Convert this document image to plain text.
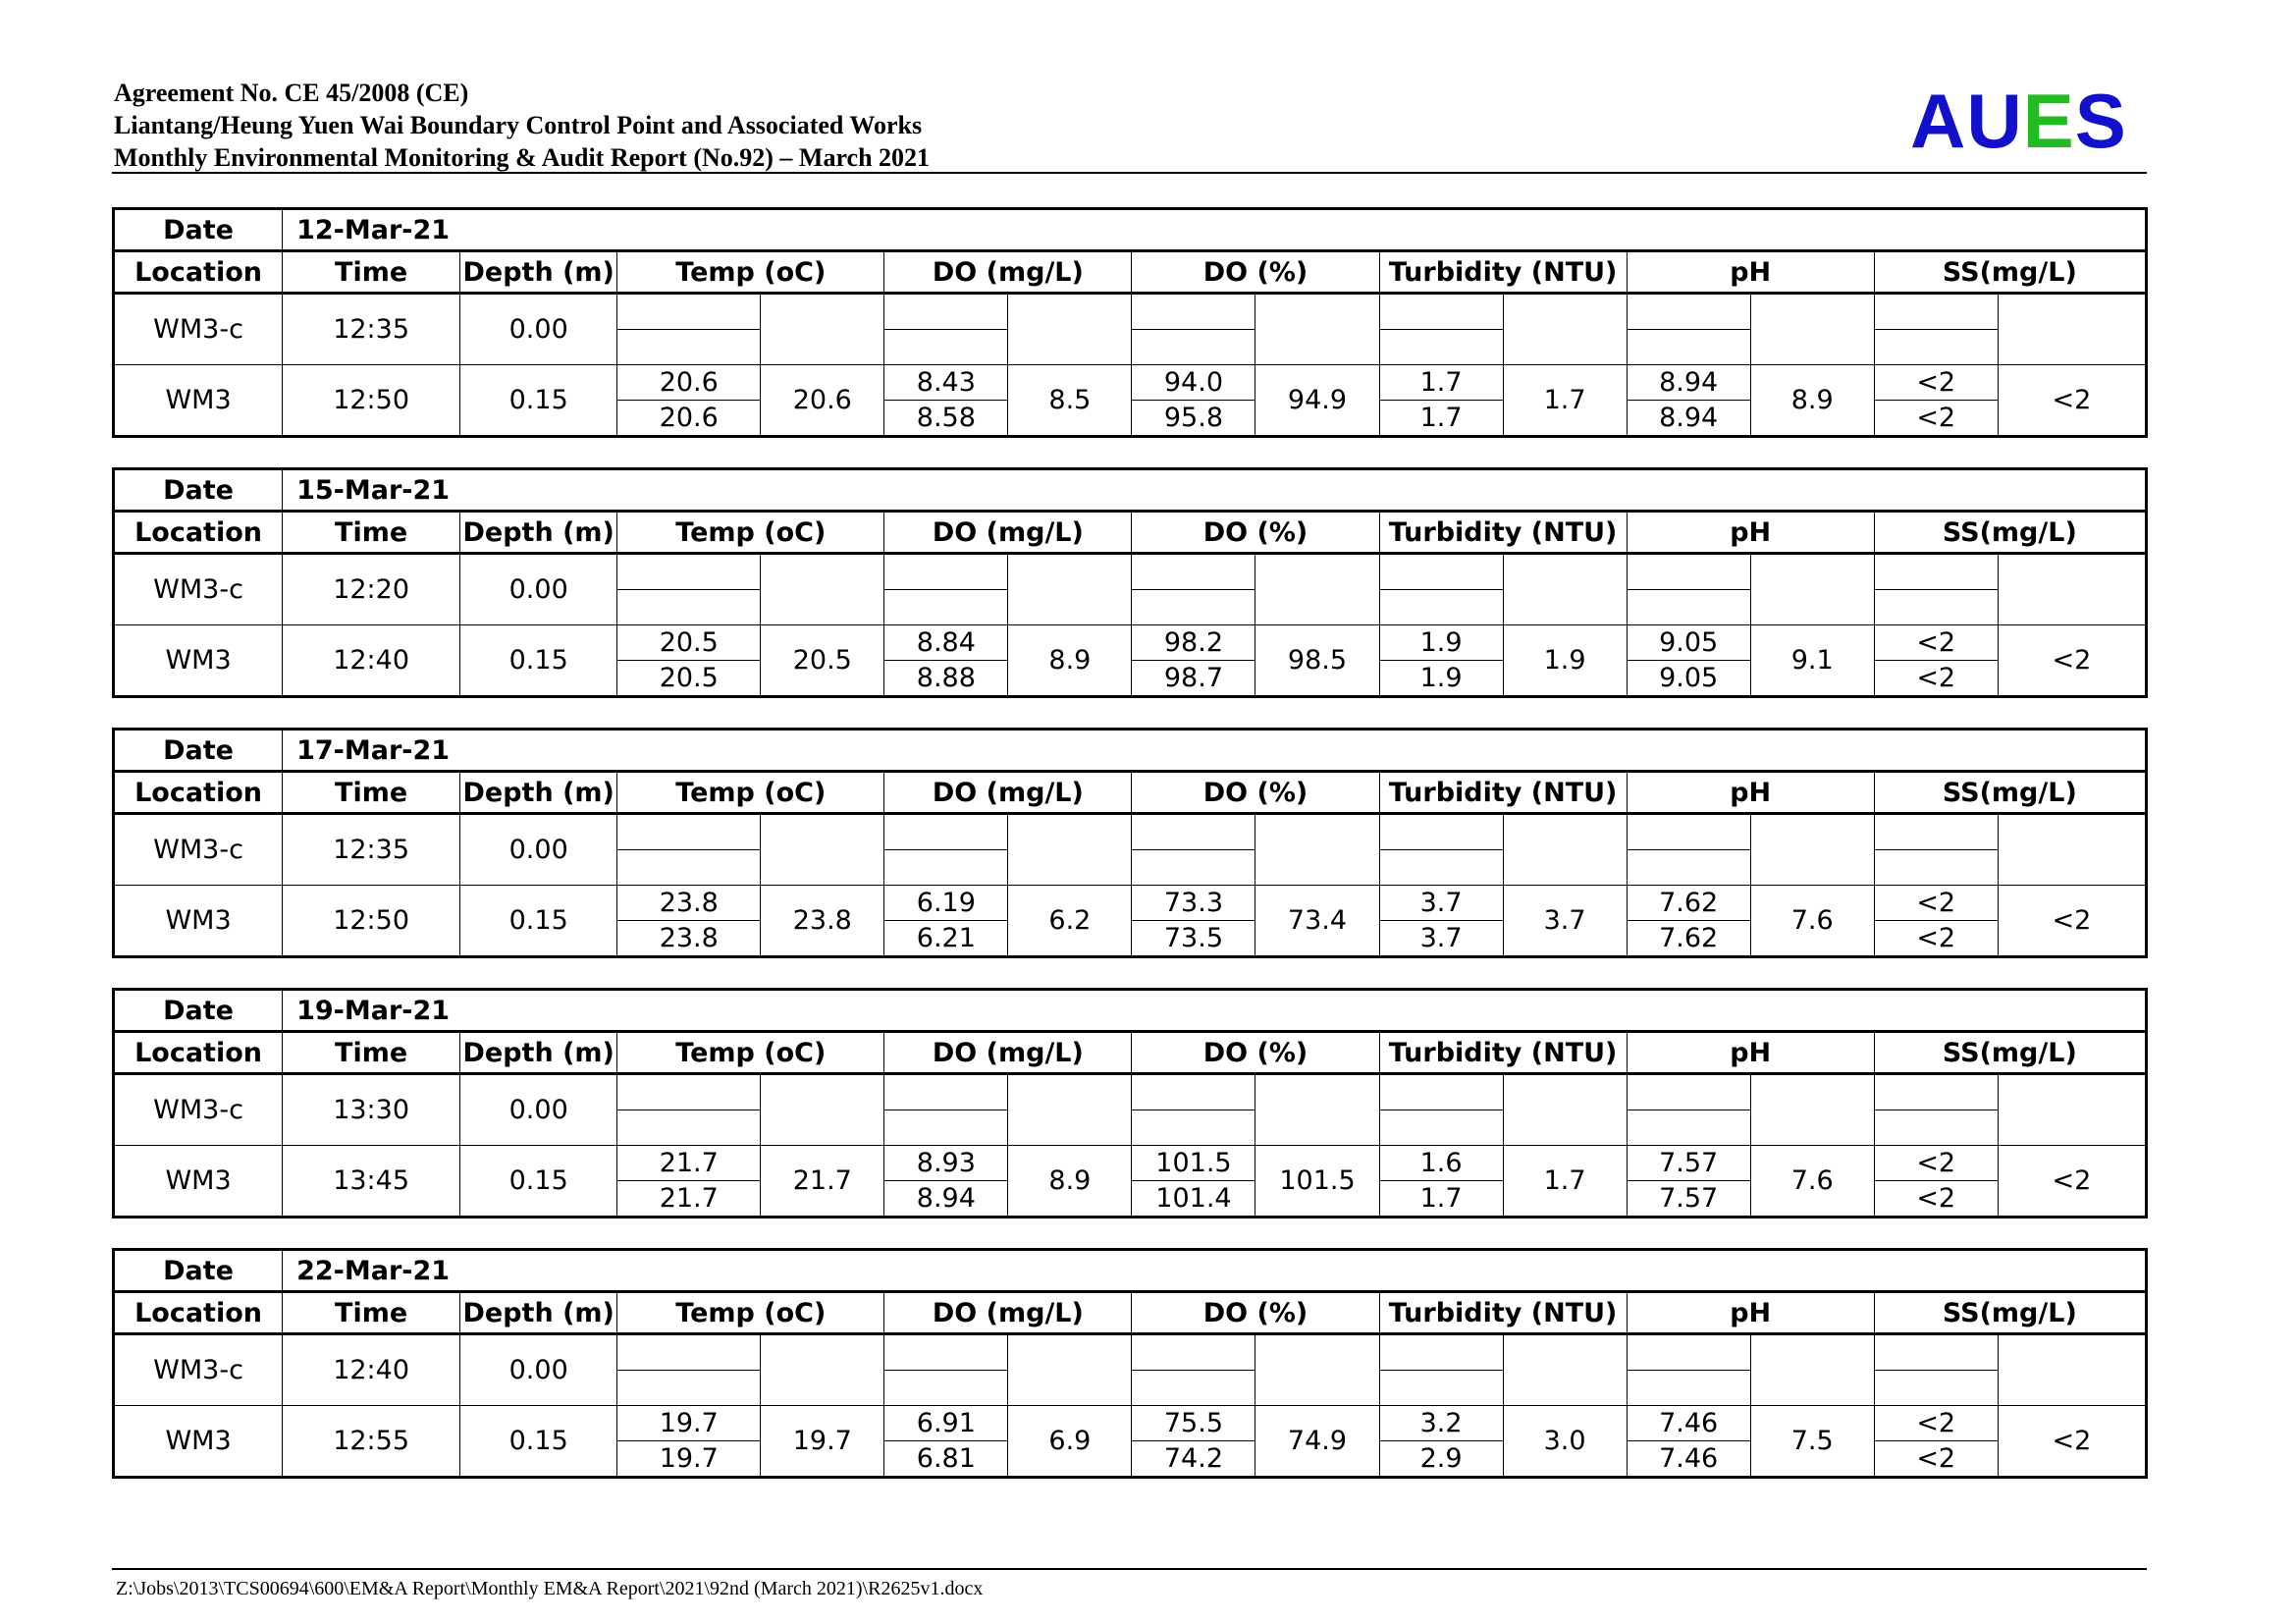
Agreement No. CE 45/2008 (CE)
Liantang/Heung Yuen Wai Boundary Control Point and Associated Works
Monthly Environmental Monitoring & Audit Report (No.92) – March 2021	AUES
Date	12-Mar-21													
Location	Time	Depth (m)	Temp (oC)		DO (mg/L)		DO (%)		Turbidity (NTU)		pH		SS(mg/L)	
WM3-c	12:35	0.00												

WM3	12:50	0.15	20.6	20.6	8.43	8.5	94.0	94.9	1.7	1.7	8.94	8.9	<2	<2
			20.6		8.58		95.8		1.7		8.94		<2	
Date	15-Mar-21													
Location	Time	Depth (m)	Temp (oC)		DO (mg/L)		DO (%)		Turbidity (NTU)		pH		SS(mg/L)	
WM3-c	12:20	0.00												

WM3	12:40	0.15	20.5	20.5	8.84	8.9	98.2	98.5	1.9	1.9	9.05	9.1	<2	<2
			20.5		8.88		98.7		1.9		9.05		<2	
Date	17-Mar-21													
Location	Time	Depth (m)	Temp (oC)		DO (mg/L)		DO (%)		Turbidity (NTU)		pH		SS(mg/L)	
WM3-c	12:35	0.00												

WM3	12:50	0.15	23.8	23.8	6.19	6.2	73.3	73.4	3.7	3.7	7.62	7.6	<2	<2
			23.8		6.21		73.5		3.7		7.62		<2	
Date	19-Mar-21													
Location	Time	Depth (m)	Temp (oC)		DO (mg/L)		DO (%)		Turbidity (NTU)		pH		SS(mg/L)	
WM3-c	13:30	0.00												

WM3	13:45	0.15	21.7	21.7	8.93	8.9	101.5	101.5	1.6	1.7	7.57	7.6	<2	<2
			21.7		8.94		101.4		1.7		7.57		<2	
Date	22-Mar-21													
Location	Time	Depth (m)	Temp (oC)		DO (mg/L)		DO (%)		Turbidity (NTU)		pH		SS(mg/L)	
WM3-c	12:40	0.00												

WM3	12:55	0.15	19.7	19.7	6.91	6.9	75.5	74.9	3.2	3.0	7.46	7.5	<2	<2
			19.7		6.81		74.2		2.9		7.46		<2	
Z:\Jobs\2013\TCS00694\600\EM&A Report\Monthly EM&A Report\2021\92nd (March 2021)\R2625v1.docx
